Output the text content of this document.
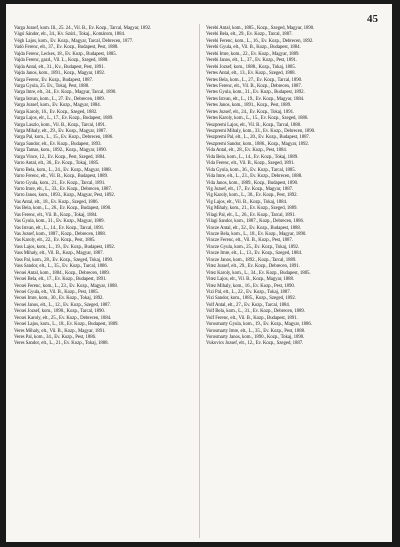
45
Varga Jozsef, kom. Ill., 25. 24., Vil. B., Ev. Kozp., Tarcal, Magyar, 1892.
Vágó Sándor, elt., 34., Kv. Szúrl., Tokaj., Komárom, 1884.
Végh Lajos, kom., Ev. Kozp., Magyar, Tarcal, Debrecen, 1877.
Vadó Ferenc, elt., 37., Ev. Kozp., Budapest, Pest, 1888.
Vajda Ferenc, Leckes, 18., Ev. Kozp., Budapest, 1885.
Vajda Ferenc, gazd., Vil. L., Kozp., Szeged, 1888.
Vajda Antal, elt., 31., Kv., Budapest, Pest, 1891.
Vajda Janos, kom., 1891., Kozp., Magyar, 1892.
Varga Ferenc, Ev. Kozp., Budapest, 1887.
Varga Gyula, 25. Ev., Tokaj, Pest, 1888.
Varga Imre, elt., 34., Ev. Kozp., Magyar, Tarcal, 1890.
Varga Istvan, kom., L., 27. Ev., Debrecen, 1889.
Varga Jozsef, kom., Ev. Kozp., Magyar, 1884.
Varga Karoly, 16., Ev. Kozp., Szeged, 1882.
Varga Lajos, elt., L., 17., Ev. Kozp., Budapest, 1889.
Varga Laszlo, kom., Vil. B., Kozp., Tarcal, 1891.
Varga Mihaly, elt., 29., Ev. Kozp., Magyar, 1887.
Varga Pal, kom., L., 15., Ev. Kozp., Debrecen, 1886.
Varga Sandor, elt., Ev. Kozp., Budapest, 1893.
Varga Tamas, kom., 1892., Kozp., Magyar, 1890.
Varga Vince, 12., Ev. Kozp., Pest, Szeged, 1884.
Varro Antal, elt., 36., Ev. Kozp., Tokaj, 1885.
Varro Bela, kom., L., 24., Ev. Kozp., Magyar, 1888.
Varro Ferenc, elt., Vil. B., Kozp., Budapest, 1889.
Varro Gyula, kom., 21., Ev. Kozp., Tarcal, 1891.
Varro Imre, elt., L., 33., Ev. Kozp., Debrecen, 1887.
Varro Janos, kom., 1893., Kozp., Magyar, Pest, 1892.
Vas Antal, elt., 18., Ev. Kozp., Szeged, 1886.
Vas Bela, kom., L., 26., Ev. Kozp., Budapest, 1890.
Vas Ferenc, elt., Vil. B., Kozp., Tokaj, 1884.
Vas Gyula, kom., 31., Ev. Kozp., Magyar, 1889.
Vas Istvan, elt., L., 14., Ev. Kozp., Tarcal, 1891.
Vas Jozsef, kom., 1887., Kozp., Debrecen, 1888.
Vas Karoly, elt., 22., Ev. Kozp., Pest, 1885.
Vass Lajos, kom., L., 19., Ev. Kozp., Budapest, 1892.
Vass Mihaly, elt., Vil. B., Kozp., Magyar, 1887.
Vass Pal, kom., 28., Ev. Kozp., Szeged, Tokaj, 1890.
Vass Sandor, elt., L., 35., Ev. Kozp., Tarcal, 1886.
Vecsei Antal, kom., 1884., Kozp., Debrecen, 1889.
Vecsei Bela, elt., 17., Ev. Kozp., Budapest, 1891.
Vecsei Ferenc, kom., L., 23., Ev. Kozp., Magyar, 1888.
Vecsei Gyula, elt., Vil. B., Kozp., Pest, 1885.
Vecsei Imre, kom., 30., Ev. Kozp., Tokaj, 1892.
Vecsei Janos, elt., L., 12., Ev. Kozp., Szeged, 1887.
Vecsei Jozsef, kom., 1890., Kozp., Tarcal, 1890.
Vecsei Karoly, elt., 25., Ev. Kozp., Debrecen, 1884.
Vecsei Lajos, kom., L., 18., Ev. Kozp., Budapest, 1889.
Veres Mihaly, elt., Vil. B., Kozp., Magyar, 1891.
Veres Pal, kom., 34., Ev. Kozp., Pest, 1886.
Veres Sandor, elt., L., 21., Ev. Kozp., Tokaj, 1888.
Verebi Antal, kom., 1885., Kozp., Szeged, Magyar, 1890.
Verebi Bela, elt., 29., Ev. Kozp., Tarcal, 1887.
Verebi Ferenc, kom., L., 16., Ev. Kozp., Debrecen, 1892.
Verebi Gyula, elt., Vil. B., Kozp., Budapest, 1884.
Verebi Imre, kom., 22., Ev. Kozp., Magyar, 1889.
Verebi Janos, elt., L., 37., Ev. Kozp., Pest, 1891.
Verebi Jozsef, kom., 1888., Kozp., Tokaj, 1885.
Vertes Antal, elt., 13., Ev. Kozp., Szeged, 1888.
Vertes Bela, kom., L., 27., Ev. Kozp., Tarcal, 1890.
Vertes Ferenc, elt., Vil. B., Kozp., Debrecen, 1887.
Vertes Gyula, kom., 31., Ev. Kozp., Budapest, 1892.
Vertes Istvan, elt., L., 19., Ev. Kozp., Magyar, 1884.
Vertes Janos, kom., 1891., Kozp., Pest, 1889.
Vertes Jozsef, elt., 24., Ev. Kozp., Tokaj, 1891.
Vertes Karoly, kom., L., 15., Ev. Kozp., Szeged, 1886.
Veszpremi Lajos, elt., Vil. B., Kozp., Tarcal, 1888.
Veszpremi Mihaly, kom., 33., Ev. Kozp., Debrecen, 1890.
Veszpremi Pal, elt., L., 20., Ev. Kozp., Budapest, 1887.
Veszpremi Sandor, kom., 1886., Kozp., Magyar, 1892.
Vida Antal, elt., 28., Ev. Kozp., Pest, 1884.
Vida Bela, kom., L., 14., Ev. Kozp., Tokaj, 1889.
Vida Ferenc, elt., Vil. B., Kozp., Szeged, 1891.
Vida Gyula, kom., 36., Ev. Kozp., Tarcal, 1885.
Vida Imre, elt., L., 23., Ev. Kozp., Debrecen, 1888.
Vida Janos, kom., 1889., Kozp., Budapest, 1890.
Vig Jozsef, elt., 17., Ev. Kozp., Magyar, 1887.
Vig Karoly, kom., L., 30., Ev. Kozp., Pest, 1892.
Vig Lajos, elt., Vil. B., Kozp., Tokaj, 1884.
Vig Mihaly, kom., 21., Ev. Kozp., Szeged, 1889.
Vilagi Pal, elt., L., 26., Ev. Kozp., Tarcal, 1891.
Vilagi Sandor, kom., 1887., Kozp., Debrecen, 1886.
Vincze Antal, elt., 32., Ev. Kozp., Budapest, 1888.
Vincze Bela, kom., L., 18., Ev. Kozp., Magyar, 1890.
Vincze Ferenc, elt., Vil. B., Kozp., Pest, 1887.
Vincze Gyula, kom., 25., Ev. Kozp., Tokaj, 1892.
Vincze Imre, elt., L., 13., Ev. Kozp., Szeged, 1884.
Vincze Janos, kom., 1892., Kozp., Tarcal, 1889.
Vitez Jozsef, elt., 29., Ev. Kozp., Debrecen, 1891.
Vitez Karoly, kom., L., 34., Ev. Kozp., Budapest, 1885.
Vitez Lajos, elt., Vil. B., Kozp., Magyar, 1888.
Vitez Mihaly, kom., 16., Ev. Kozp., Pest, 1890.
Vizi Pal, elt., L., 22., Ev. Kozp., Tokaj, 1887.
Vizi Sandor, kom., 1885., Kozp., Szeged, 1892.
Volf Antal, elt., 27., Ev. Kozp., Tarcal, 1884.
Volf Bela, kom., L., 31., Ev. Kozp., Debrecen, 1889.
Volf Ferenc, elt., Vil. B., Kozp., Budapest, 1891.
Vorosmarty Gyula, kom., 19., Ev. Kozp., Magyar, 1886.
Vorosmarty Imre, elt., L., 35., Ev. Kozp., Pest, 1888.
Vorosmarty Janos, kom., 1890., Kozp., Tokaj, 1890.
Vukovics Jozsef, elt., 12., Ev. Kozp., Szeged, 1887.
